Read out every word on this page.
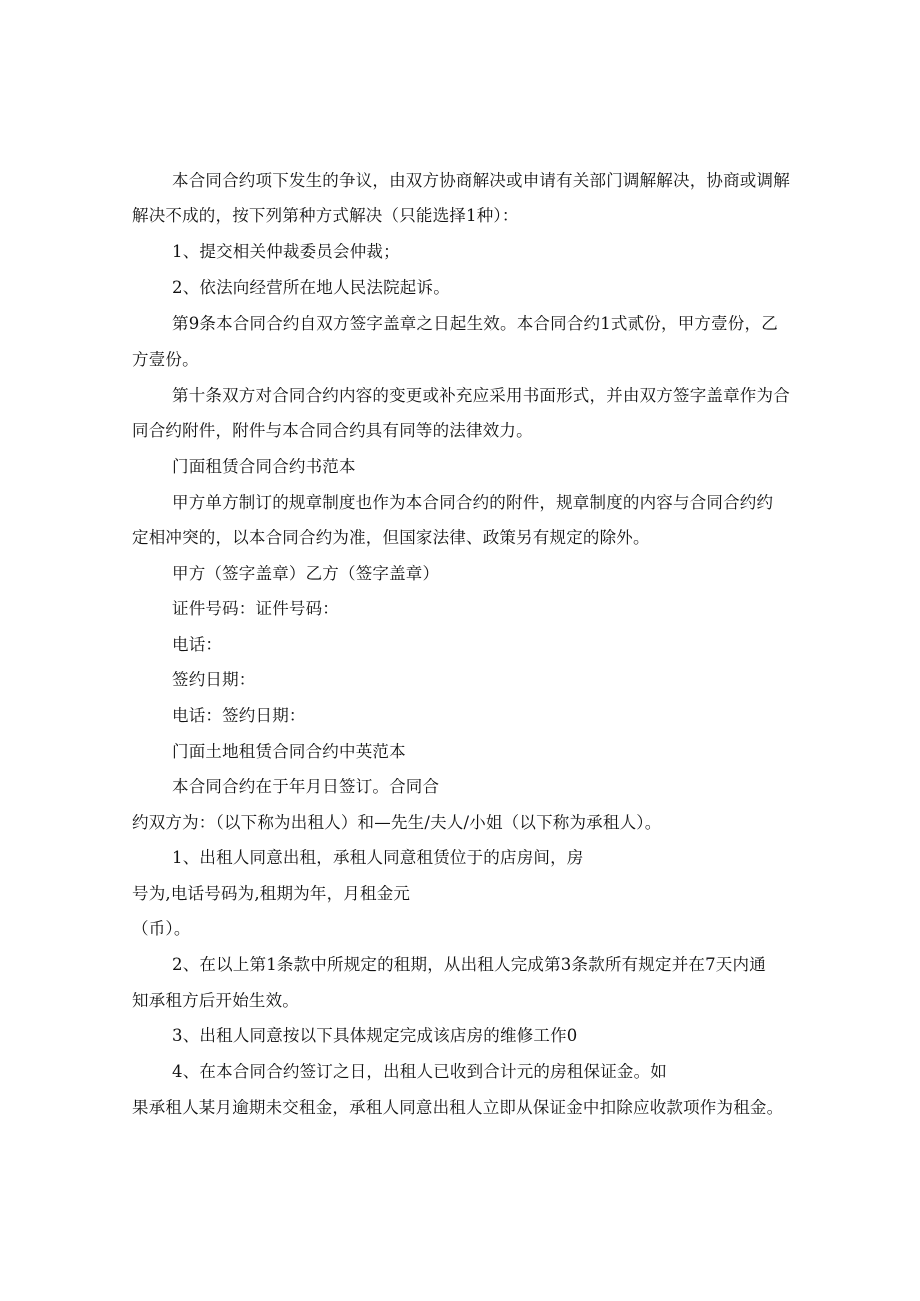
本合同合约项下发生的争议，由双方协商解决或申请有关部门调解解决，协商或调解
解决不成的，按下列第种方式解决（只能选择1种）：
1、提交相关仲裁委员会仲裁；
2、依法向经营所在地人民法院起诉。
第9条本合同合约自双方签字盖章之日起生效。本合同合约1式贰份，甲方壹份，乙
方壹份。
第十条双方对合同合约内容的变更或补充应采用书面形式，并由双方签字盖章作为合
同合约附件，附件与本合同合约具有同等的法律效力。
门面租赁合同合约书范本
甲方单方制订的规章制度也作为本合同合约的附件，规章制度的内容与合同合约约
定相冲突的，以本合同合约为准，但国家法律、政策另有规定的除外。
甲方（签字盖章）乙方（签字盖章）
证件号码：证件号码：
电话：
签约日期：
电话：签约日期：
门面土地租赁合同合约中英范本
本合同合约在于年月日签订。合同合
约双方为：（以下称为出租人）和—先生/夫人/小姐（以下称为承租人）。
1、出租人同意出租，承租人同意租赁位于的店房间，房
号为,电话号码为,租期为年，月租金元
（币）。
2、在以上第1条款中所规定的租期，从出租人完成第3条款所有规定并在7天内通
知承租方后开始生效。
3、出租人同意按以下具体规定完成该店房的维修工作0
4、在本合同合约签订之日，出租人已收到合计元的房租保证金。如
果承租人某月逾期未交租金，承租人同意出租人立即从保证金中扣除应收款项作为租金。
